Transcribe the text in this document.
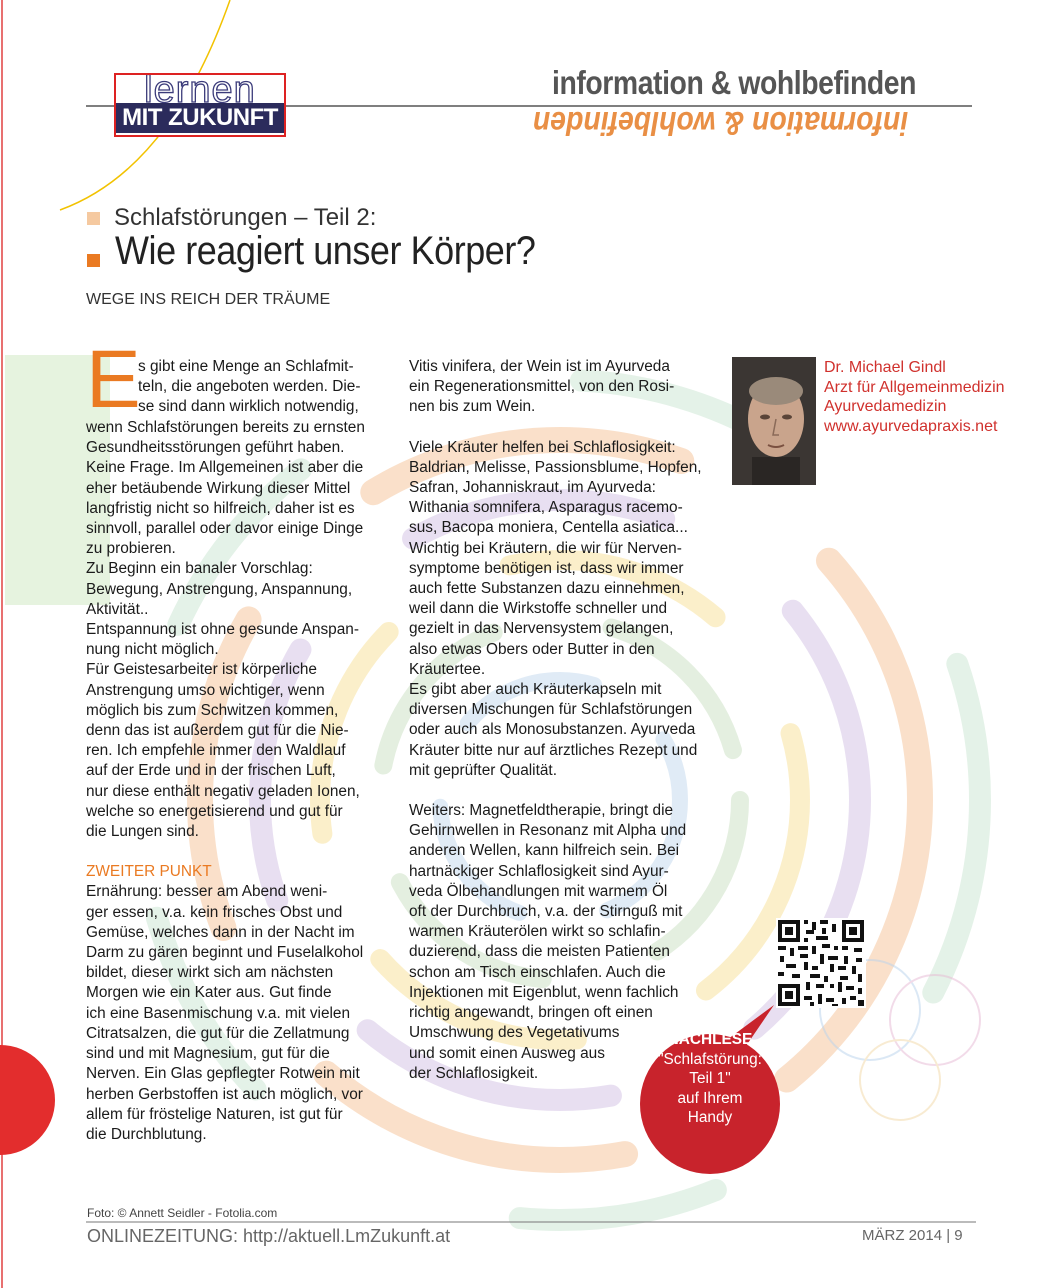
lernen
MIT ZUKUNFT
information & wohlbefinden
information & wohlbefinden
Schlafstörungen – Teil 2:
Wie reagiert unser Körper?
WEGE INS REICH DER TRÄUME
E

s gibt eine Menge an Schlafmit-
teln, die angeboten werden. Die-
se sind dann wirklich notwendig,

wenn Schlafstörungen bereits zu ernsten
Gesundheitsstörungen geführt haben.
Keine Frage. Im Allgemeinen ist aber die
eher betäubende Wirkung dieser Mittel
langfristig nicht so hilfreich, daher ist es
sinnvoll, parallel oder davor einige Dinge
zu probieren.
Zu Beginn ein banaler Vorschlag:
Bewegung, Anstrengung, Anspannung,
Aktivität..
Entspannung ist ohne gesunde Anspan-
nung nicht möglich.
Für Geistesarbeiter ist körperliche
Anstrengung umso wichtiger, wenn
möglich bis zum Schwitzen kommen,
denn das ist außerdem gut für die Nie-
ren. Ich empfehle immer den Waldlauf
auf der Erde und in der frischen Luft,
nur diese enthält negativ geladen Ionen,
welche so energetisierend und gut für
die Lungen sind.

ZWEITER PUNKT

Ernährung: besser am Abend weni-
ger essen, v.a. kein frisches Obst und
Gemüse, welches dann in der Nacht im
Darm zu gären beginnt und Fuselalkohol
bildet, dieser wirkt sich am nächsten
Morgen wie ein Kater aus. Gut finde
ich eine Basenmischung v.a. mit vielen
Citratsalzen, die gut für die Zellatmung
sind und mit Magnesium, gut für die
Nerven. Ein Glas gepflegter Rotwein mit
herben Gerbstoffen ist auch möglich, vor
allem für fröstelige Naturen, ist gut für
die Durchblutung.

Vitis vinifera, der Wein ist im Ayurveda
ein Regenerationsmittel, von den Rosi-
nen bis zum Wein.

Viele Kräuter helfen bei Schlaflosigkeit:
Baldrian, Melisse, Passionsblume, Hopfen,
Safran, Johanniskraut, im Ayurveda:
Withania somnifera, Asparagus racemo-
sus, Bacopa moniera, Centella asiatica...
Wichtig bei Kräutern, die wir für Nerven-
symptome benötigen ist, dass wir immer
auch fette Substanzen dazu einnehmen,
weil dann die Wirkstoffe schneller und
gezielt in das Nervensystem gelangen,
also etwas Obers oder Butter in den
Kräutertee.
Es gibt aber auch Kräuterkapseln mit
diversen Mischungen für Schlafstörungen
oder auch als Monosubstanzen. Ayurveda
Kräuter bitte nur auf ärztliches Rezept und
mit geprüfter Qualität.

Weiters: Magnetfeldtherapie, bringt die
Gehirnwellen in Resonanz mit Alpha und
anderen Wellen, kann hilfreich sein. Bei
hartnäckiger Schlaflosigkeit sind Ayur-
veda Ölbehandlungen mit warmem Öl
oft der Durchbruch, v.a. der Stirnguß mit
warmen Kräuterölen wirkt so schlafin-
duzierend, dass die meisten Patienten
schon am Tisch einschlafen. Auch die
Injektionen mit Eigenblut, wenn fachlich
richtig angewandt, bringen oft einen
Umschwung des Vegetativums
und somit einen Ausweg aus
der Schlaflosigkeit.

Dr. Michael Gindl
Arzt für Allgemeinmedizin
Ayurvedamedizin
www.ayurvedapraxis.net
NACHLESE
"Schlafstörung:
Teil 1"
auf Ihrem
Handy
Foto: © Annett Seidler - Fotolia.com
ONLINEZEITUNG: http://aktuell.LmZukunft.at	MÄRZ 2014 | 9
